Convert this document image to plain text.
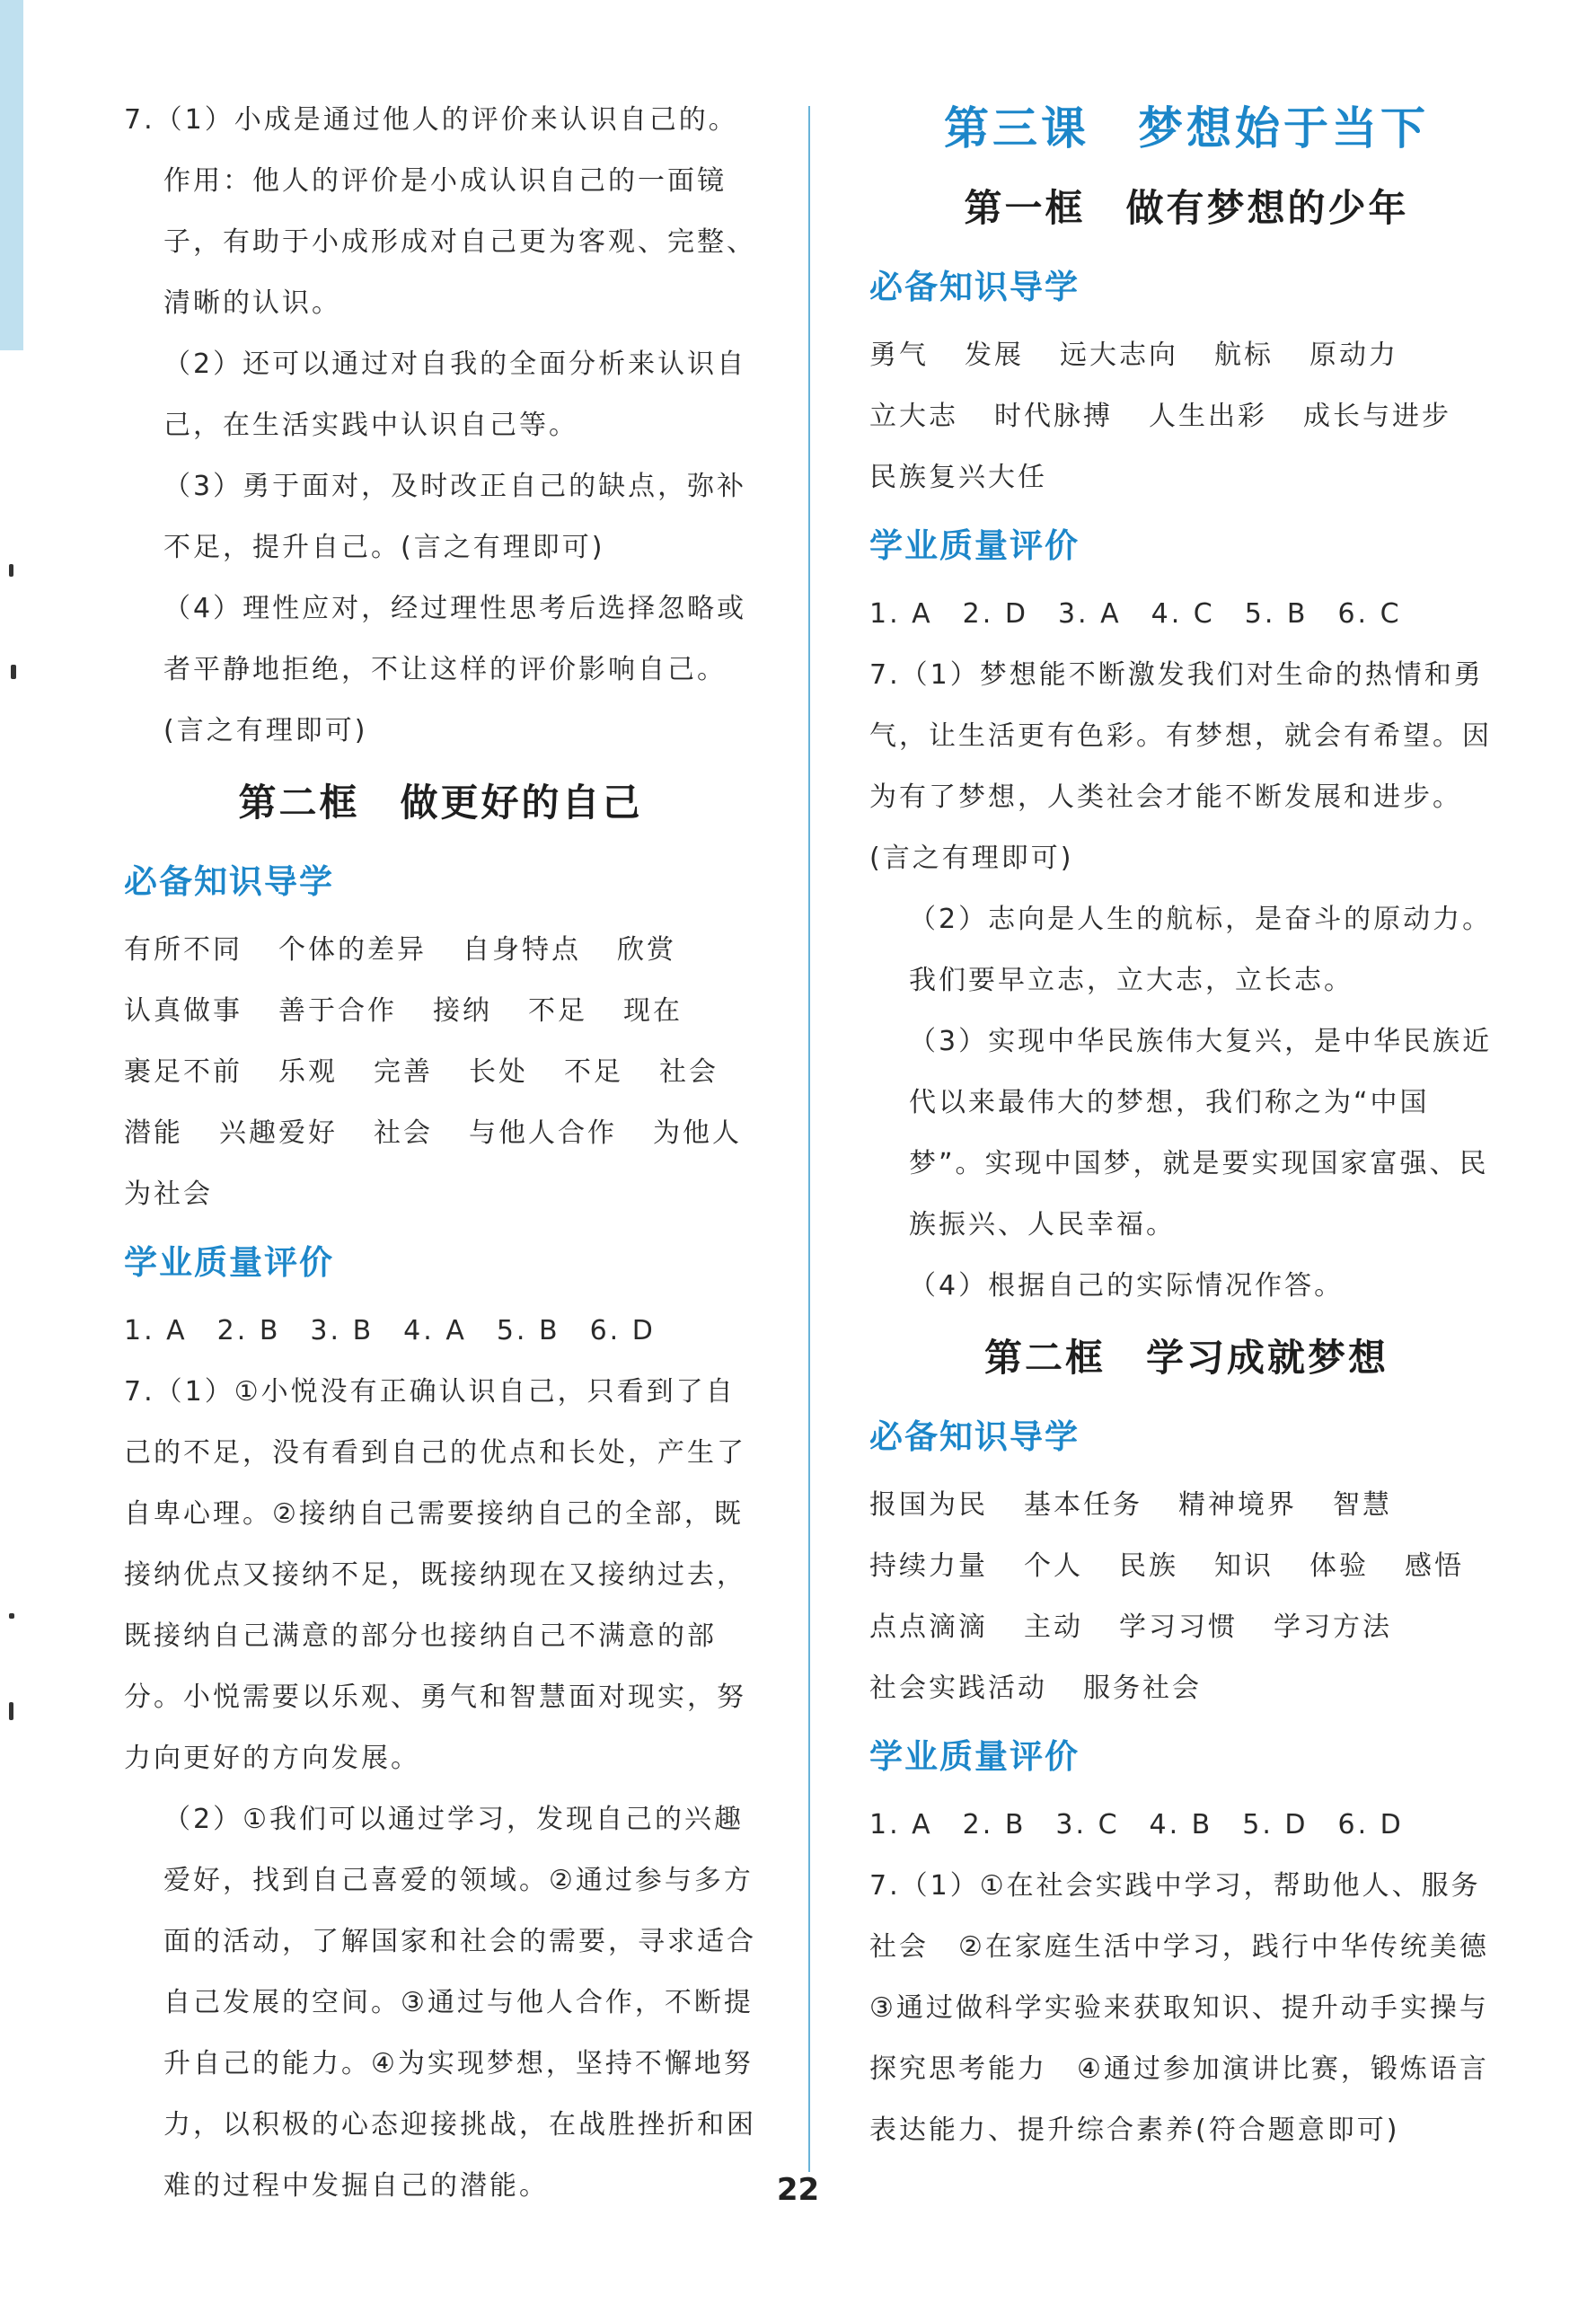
7.（1）小成是通过他人的评价来认识自己的。

作用：他人的评价是小成认识自己的一面镜子，有助于小成形成对自己更为客观、完整、清晰的认识。

（2）还可以通过对自我的全面分析来认识自己，在生活实践中认识自己等。

（3）勇于面对，及时改正自己的缺点，弥补不足，提升自己。(言之有理即可)

（4）理性应对，经过理性思考后选择忽略或者平静地拒绝，不让这样的评价影响自己。(言之有理即可)

第二框　做更好的自己
必备知识导学
有所不同 个体的差异 自身特点 欣赏
认真做事 善于合作 接纳 不足 现在
裹足不前 乐观 完善 长处 不足 社会
潜能 兴趣爱好 社会 与他人合作 为他人
为社会
学业质量评价

1. A　2. B　3. B　4. A　5. B　6. D

7.（1）①小悦没有正确认识自己，只看到了自己的不足，没有看到自己的优点和长处，产生了自卑心理。②接纳自己需要接纳自己的全部，既接纳优点又接纳不足，既接纳现在又接纳过去，既接纳自己满意的部分也接纳自己不满意的部分。小悦需要以乐观、勇气和智慧面对现实，努力向更好的方向发展。

（2）①我们可以通过学习，发现自己的兴趣爱好，找到自己喜爱的领域。②通过参与多方面的活动，了解国家和社会的需要，寻求适合自己发展的空间。③通过与他人合作，不断提升自己的能力。④为实现梦想，坚持不懈地努力，以积极的心态迎接挑战，在战胜挫折和困难的过程中发掘自己的潜能。

第三课　梦想始于当下
第一框　做有梦想的少年
必备知识导学
勇气 发展 远大志向 航标 原动力
立大志 时代脉搏 人生出彩 成长与进步
民族复兴大任
学业质量评价

1. A　2. D　3. A　4. C　5. B　6. C

7.（1）梦想能不断激发我们对生命的热情和勇气，让生活更有色彩。有梦想，就会有希望。因为有了梦想，人类社会才能不断发展和进步。(言之有理即可)

（2）志向是人生的航标，是奋斗的原动力。我们要早立志，立大志，立长志。

（3）实现中华民族伟大复兴，是中华民族近代以来最伟大的梦想，我们称之为“中国梦”。实现中国梦，就是要实现国家富强、民族振兴、人民幸福。

（4）根据自己的实际情况作答。

第二框　学习成就梦想
必备知识导学
报国为民 基本任务 精神境界 智慧
持续力量 个人 民族 知识 体验 感悟
点点滴滴 主动 学习习惯 学习方法
社会实践活动 服务社会
学业质量评价

1. A　2. B　3. C　4. B　5. D　6. D

7.（1）①在社会实践中学习，帮助他人、服务社会　②在家庭生活中学习，践行中华传统美德　③通过做科学实验来获取知识、提升动手实操与探究思考能力　④通过参加演讲比赛，锻炼语言表达能力、提升综合素养(符合题意即可)

22
